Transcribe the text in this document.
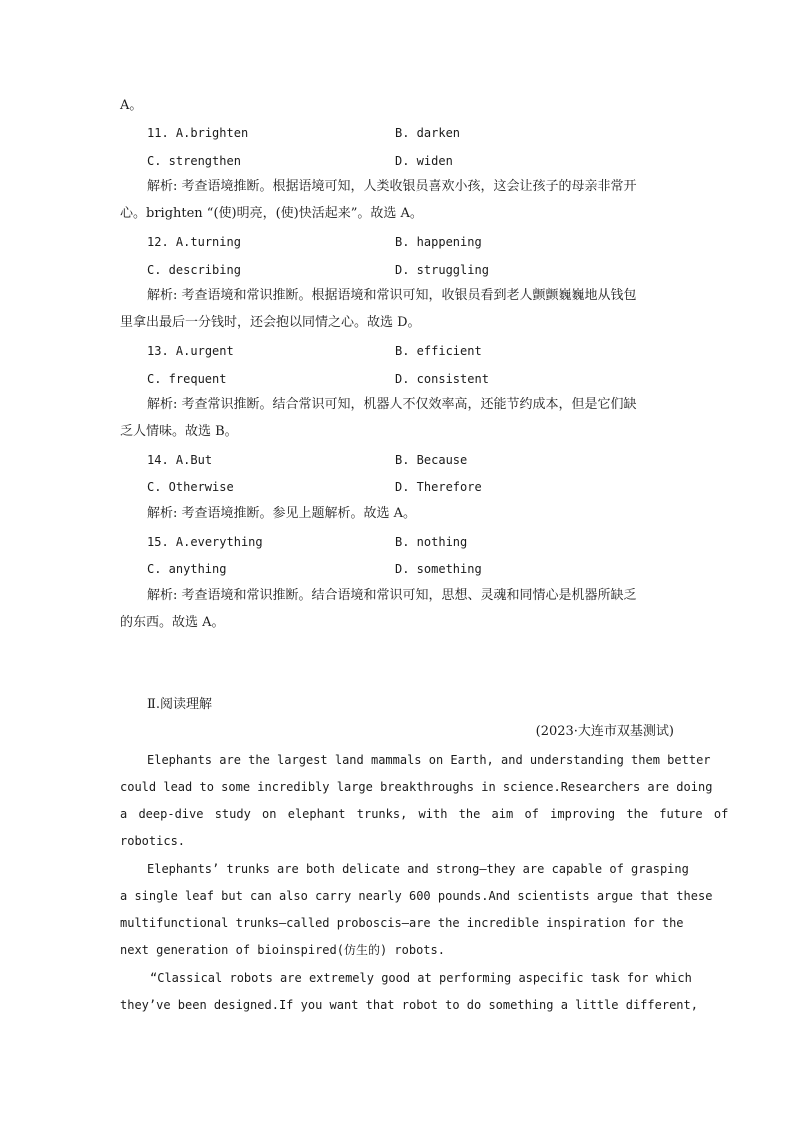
A。
11. A.brighten	B. darken
C. strengthen	D. widen
解析: 考查语境推断。根据语境可知，人类收银员喜欢小孩，这会让孩子的母亲非常开
心。brighten “(使)明亮，(使)快活起来”。故选 A。
12. A.turning	B. happening
C. describing	D. struggling
解析: 考查语境和常识推断。根据语境和常识可知，收银员看到老人颤颤巍巍地从钱包
里拿出最后一分钱时，还会抱以同情之心。故选 D。
13. A.urgent	B. efficient
C. frequent	D. consistent
解析: 考查常识推断。结合常识可知，机器人不仅效率高，还能节约成本，但是它们缺
乏人情味。故选 B。
14. A.But	B. Because
C. Otherwise	D. Therefore
解析: 考查语境推断。参见上题解析。故选 A。
15. A.everything	B. nothing
C. anything	D. something
解析: 考查语境和常识推断。结合语境和常识可知，思想、灵魂和同情心是机器所缺乏
的东西。故选 A。
Ⅱ.阅读理解
(2023·大连市双基测试)
Elephants are the largest land mammals on Earth, and understanding them better
could lead to some incredibly large breakthroughs in science.Researchers are doing
a deep-dive study on elephant trunks, with the aim of improving the future of
robotics.
Elephants’ trunks are both delicate and strong—they are capable of grasping
a single leaf but can also carry nearly 600 pounds.And scientists argue that these
multifunctional trunks—called proboscis—are the incredible inspiration for the
next generation of bioinspired(仿生的) robots.
“Classical robots are extremely good at performing aspecific task for which
they’ve been designed.If you want that robot to do something a little different,
